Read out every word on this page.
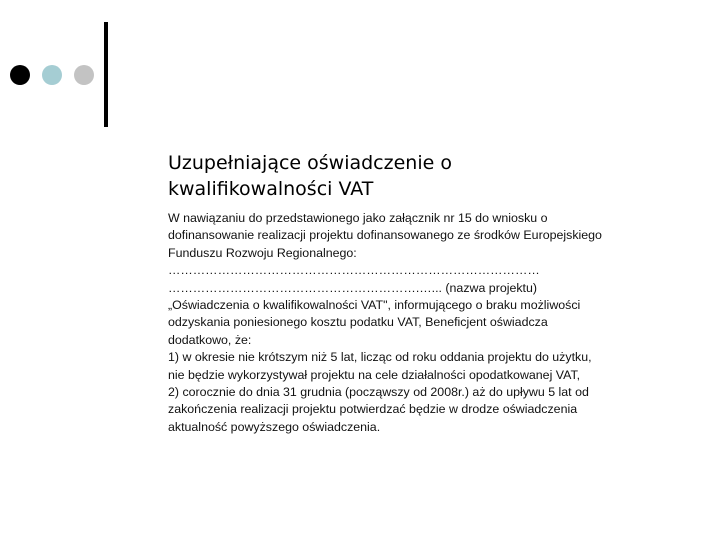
Uzupełniające oświadczenie o
kwalifikowalności VAT
W nawiązaniu do przedstawionego jako załącznik nr 15 do wniosku o
dofinansowanie realizacji projektu dofinansowanego ze środków Europejskiego
Funduszu Rozwoju Regionalnego:
………………………………………………………………………………
…………………………………………………….…... (nazwa projektu)
„Oświadczenia o kwalifikowalności VAT", informującego o braku możliwości
odzyskania poniesionego kosztu podatku VAT, Beneficjent oświadcza
dodatkowo, że:
1) w okresie nie krótszym niż 5 lat, licząc od roku oddania projektu do użytku,
nie będzie wykorzystywał projektu na cele działalności opodatkowanej VAT,
2) corocznie do dnia 31 grudnia (począwszy od 2008r.) aż do upływu 5 lat od
zakończenia realizacji projektu potwierdzać będzie w drodze oświadczenia
aktualność powyższego oświadczenia.
